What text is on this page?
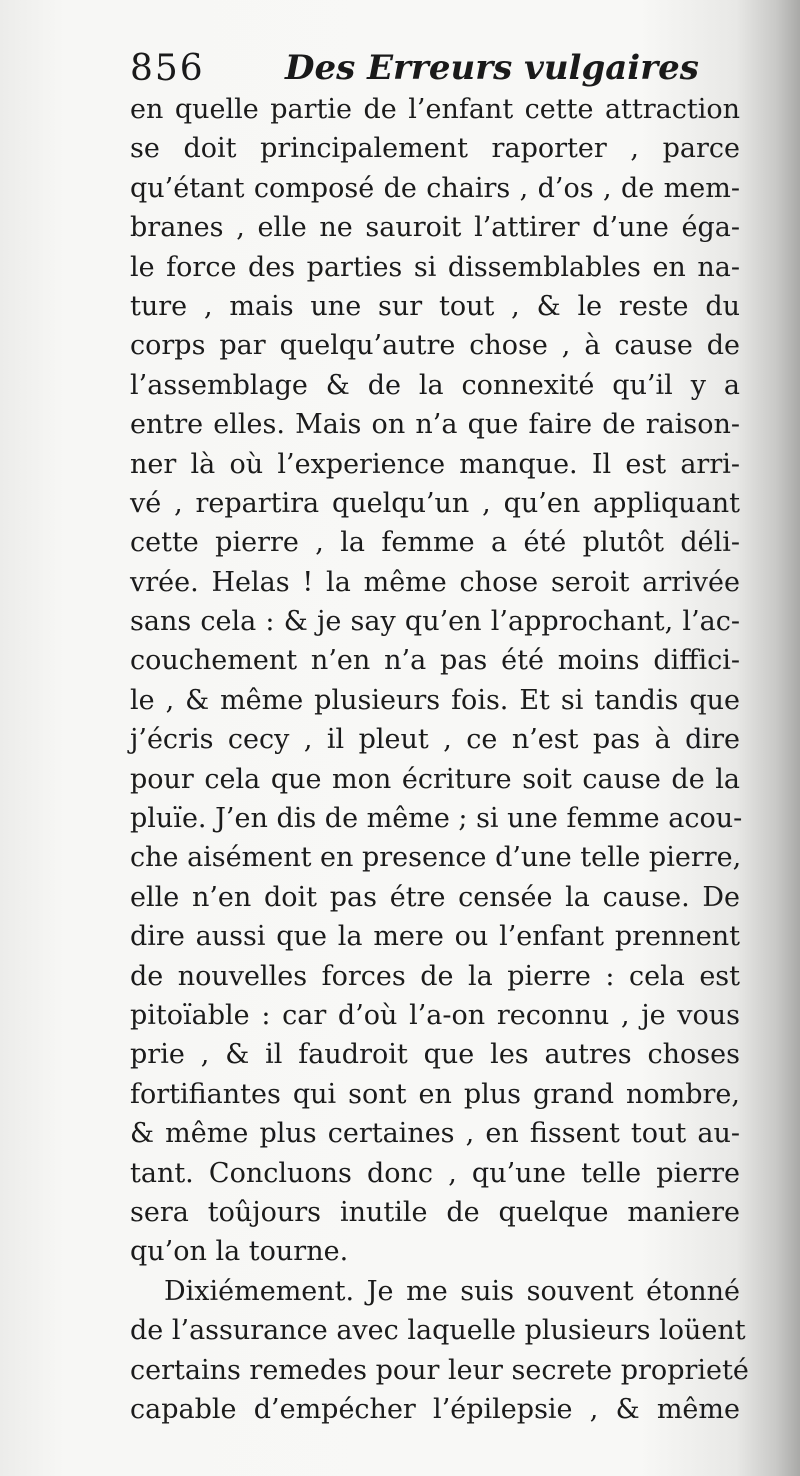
856 Des Erreurs vulgaires
en quelle partie de l’enfant cette attraction
se doit principalement raporter , parce
qu’étant composé de chairs , d’os , de mem-
branes , elle ne sauroit l’attirer d’une éga-
le force des parties si dissemblables en na-
ture , mais une sur tout , & le reste du
corps par quelqu’autre chose , à cause de
l’assemblage & de la connexité qu’il y a
entre elles. Mais on n’a que faire de raison-
ner là où l’experience manque. Il est arri-
vé , repartira quelqu’un , qu’en appliquant
cette pierre , la femme a été plutôt déli-
vrée. Helas ! la même chose seroit arrivée
sans cela : & je say qu’en l’approchant, l’ac-
couchement n’en n’a pas été moins diffici-
le , & même plusieurs fois. Et si tandis que
j’écris cecy , il pleut , ce n’est pas à dire
pour cela que mon écriture soit cause de la
pluïe. J’en dis de même ; si une femme acou-
che aisément en presence d’une telle pierre,
elle n’en doit pas étre censée la cause. De
dire aussi que la mere ou l’enfant prennent
de nouvelles forces de la pierre : cela est
pitoïable : car d’où l’a-on reconnu , je vous
prie , & il faudroit que les autres choses
fortifiantes qui sont en plus grand nombre,
& même plus certaines , en fissent tout au-
tant. Concluons donc , qu’une telle pierre
sera toûjours inutile de quelque maniere
qu’on la tourne.
Dixiémement. Je me suis souvent étonné
de l’assurance avec laquelle plusieurs loüent
certains remedes pour leur secrete proprieté
capable d’empécher l’épilepsie , & même
